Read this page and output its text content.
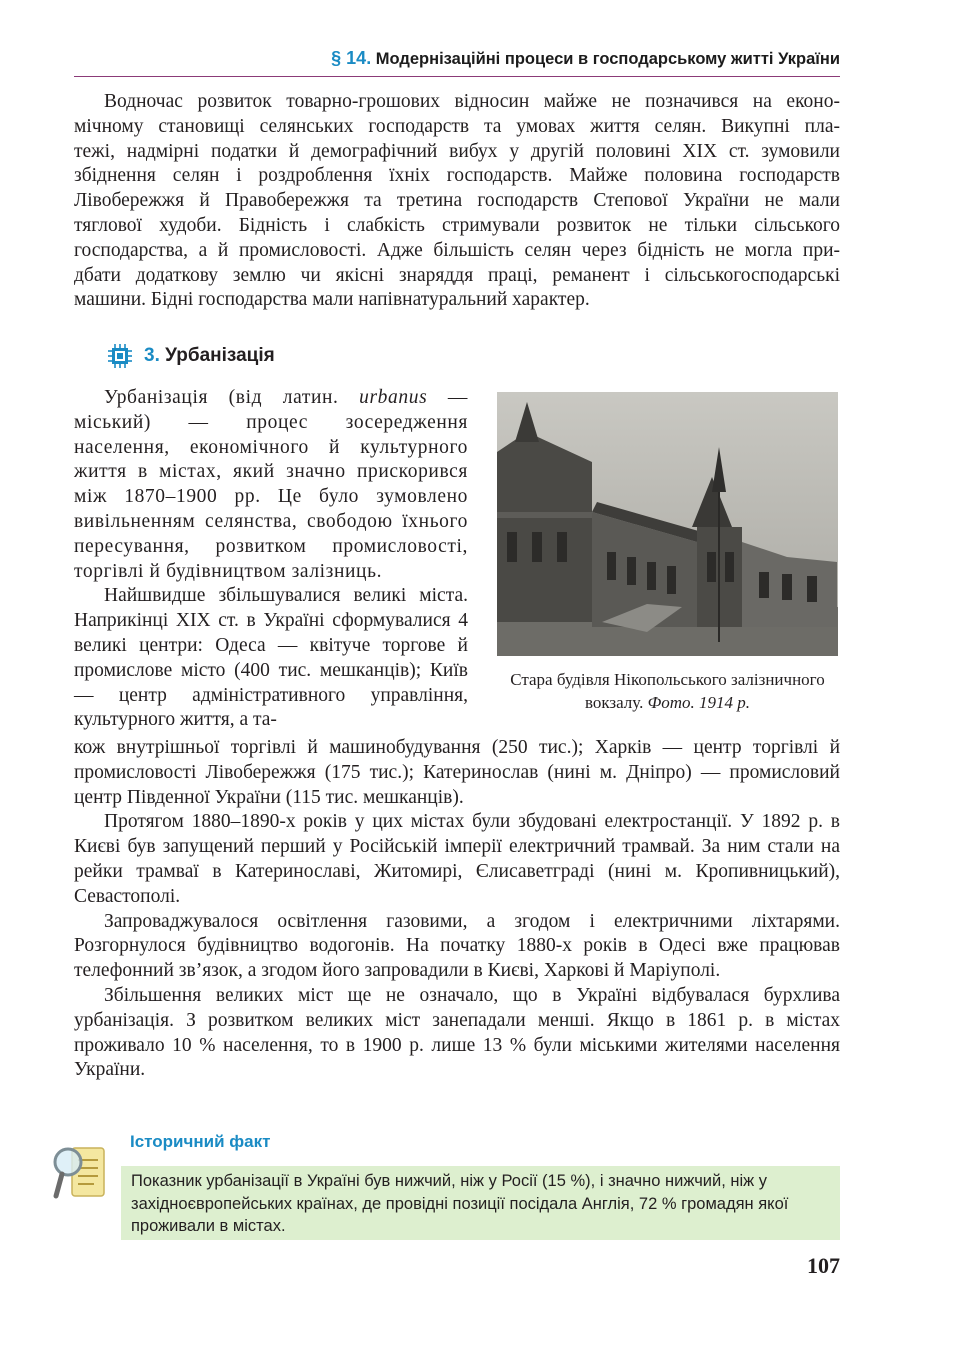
§ 14. Модернізаційні процеси в господарському житті України

Водночас розвиток товарно-грошових відносин майже не позначився на еконо-

мічному становищі селянських господарств та умовах життя селян. Викупні пла-

тежі, надмірні податки й демографічний вибух у другій половині XIX ст. зумовили

збіднення селян і роздроблення їхніх господарств. Майже половина господарств

Лівобережжя й Правобережжя та третина господарств Степової України не мали

тяглової худоби. Бідність і слабкість стримували розвиток не тільки сільського

господарства, а й промисловості. Адже більшість селян через бідність не могла при-

дбати додаткову землю чи якісні знаряддя праці, реманент і сільськогосподарські

машини. Бідні господарства мали напівнатуральний характер.

3. Урбанізація

Урбанізація (від латин. urbanus — міський) — процес зосередження населення, економічного й культурного життя в містах, який значно прискорився між 1870–1900 рр. Це було зумовлено вивільненням селянства, свободою їхнього пересування, розвитком промисловості, торгівлі й будівництвом залізниць.

Найшвидше збільшувалися великі міста. Наприкінці XIX ст. в Україні сформувалися 4 великі центри: Одеса — квітуче торгове й промислове місто (400 тис. мешканців); Київ — центр адміністративного управління, культурного життя, а та-

Стара будівля Нікопольського залізничного вокзалу. Фото. 1914 р.

кож внутрішньої торгівлі й машинобудування (250 тис.); Харків — центр торгівлі й промисловості Лівобережжя (175 тис.); Катеринослав (нині м. Дніпро) — промисловий центр Південної України (115 тис. мешканців).

Протягом 1880–1890-х років у цих містах були збудовані електростанції. У 1892 р. в Києві був запущений перший у Російській імперії електричний трамвай. За ним стали на рейки трамваї в Катеринославі, Житомирі, Єлисаветграді (нині м. Кропивницький), Севастополі.

Запроваджувалося освітлення газовими, а згодом і електричними ліхтарями. Розгорнулося будівництво водогонів. На початку 1880-х років в Одесі вже працював телефонний зв’язок, а згодом його запровадили в Києві, Харкові й Маріуполі.

Збільшення великих міст ще не означало, що в Україні відбувалася бурхлива урбанізація. З розвитком великих міст занепадали менші. Якщо в 1861 р. в містах проживало 10 % населення, то в 1900 р. лише 13 % були міськими жителями населення України.

Історичний факт
Показник урбанізації в Україні був нижчий, ніж у Росії (15 %), і значно нижчий, ніж у західноєвропейських країнах, де провідні позиції посідала Англія, 72 % громадян якої проживали в містах.
107
